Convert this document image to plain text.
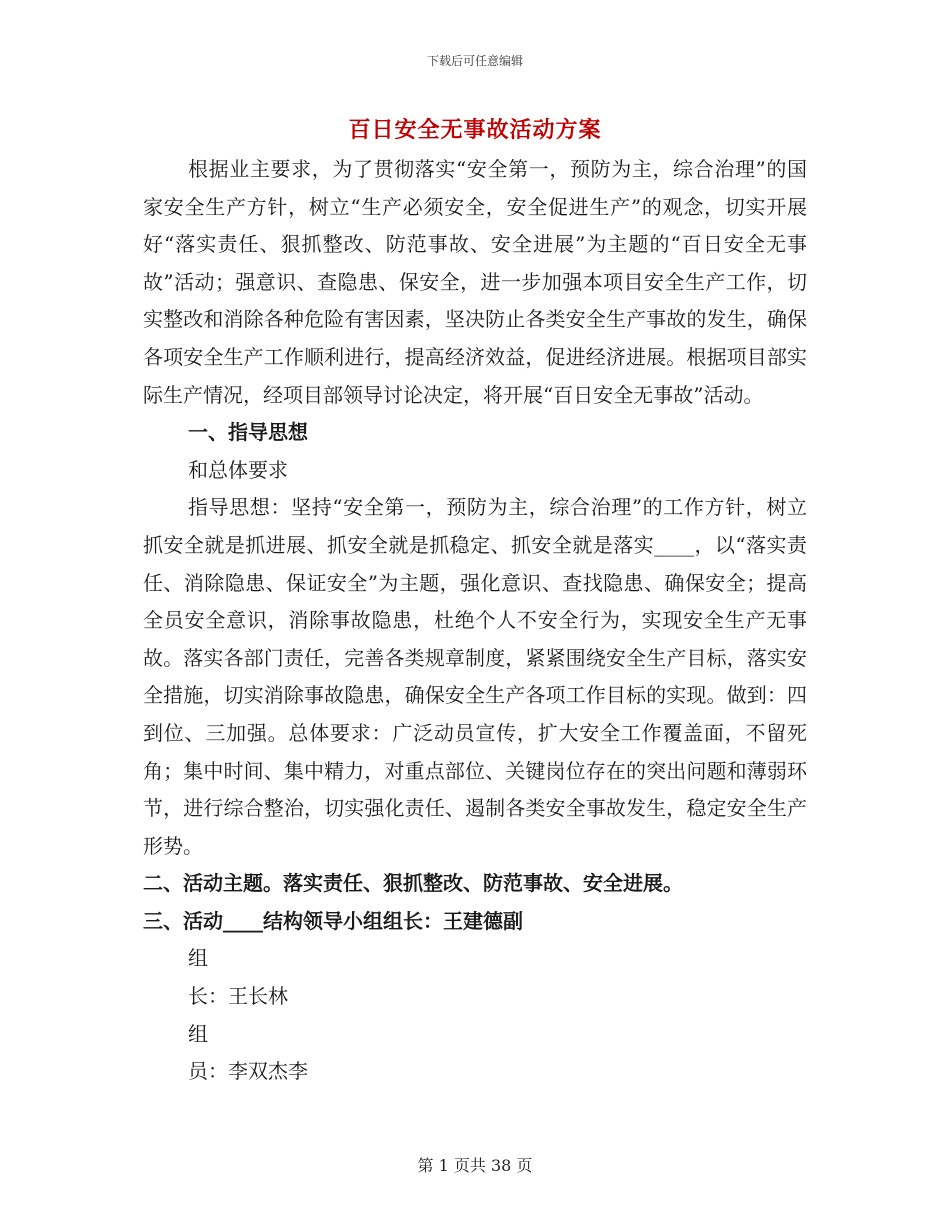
下载后可任意编辑
百日安全无事故活动方案

根据业主要求，为了贯彻落实“安全第一，预防为主，综合治理”的国家安全生产方针，树立“生产必须安全，安全促进生产”的观念，切实开展好“落实责任、狠抓整改、防范事故、安全进展”为主题的“百日安全无事故”活动；强意识、查隐患、保安全，进一步加强本项目安全生产工作，切实整改和消除各种危险有害因素，坚决防止各类安全生产事故的发生，确保各项安全生产工作顺利进行，提高经济效益，促进经济进展。根据项目部实际生产情况，经项目部领导讨论决定，将开展“百日安全无事故”活动。

一、指导思想

和总体要求

指导思想：坚持“安全第一，预防为主，综合治理”的工作方针，树立抓安全就是抓进展、抓安全就是抓稳定、抓安全就是落实____，以“落实责任、消除隐患、保证安全”为主题，强化意识、查找隐患、确保安全；提高全员安全意识，消除事故隐患，杜绝个人不安全行为，实现安全生产无事故。落实各部门责任，完善各类规章制度，紧紧围绕安全生产目标，落实安全措施，切实消除事故隐患，确保安全生产各项工作目标的实现。做到：四到位、三加强。总体要求：广泛动员宣传，扩大安全工作覆盖面，不留死角；集中时间、集中精力，对重点部位、关键岗位存在的突出问题和薄弱环节，进行综合整治，切实强化责任、遏制各类安全事故发生，稳定安全生产形势。

二、活动主题。落实责任、狠抓整改、防范事故、安全进展。

三、活动____结构领导小组组长：王建德副

组

长：王长林

组

员：李双杰李

第 1 页共 38 页
